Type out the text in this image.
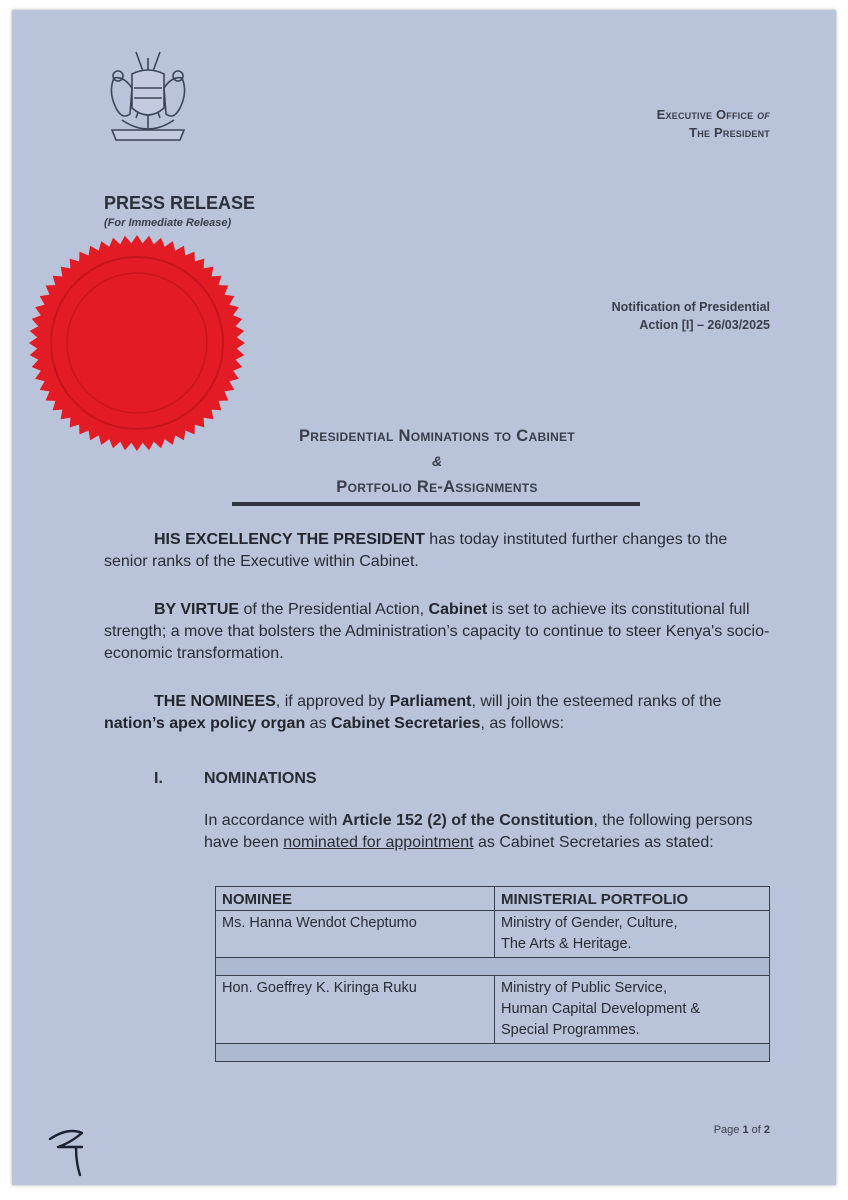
Executive Office of
The President
PRESS RELEASE
(For Immediate Release)
Notification of Presidential
Action [I] – 26/03/2025
Presidential Nominations to Cabinet
&
Portfolio Re-Assignments
HIS EXCELLENCY THE PRESIDENT has today instituted further changes to the senior ranks of the Executive within Cabinet.
BY VIRTUE of the Presidential Action, Cabinet is set to achieve its constitutional full strength; a move that bolsters the Administration’s capacity to continue to steer Kenya's socio-economic transformation.
THE NOMINEES, if approved by Parliament, will join the esteemed ranks of the nation’s apex policy organ as Cabinet Secretaries, as follows:
I.	NOMINATIONS
In accordance with Article 152 (2) of the Constitution, the following persons have been nominated for appointment as Cabinet Secretaries as stated:
NOMINEE	MINISTERIAL PORTFOLIO
Ms. Hanna Wendot Cheptumo	Ministry of Gender, Culture,
The Arts & Heritage.

Hon. Goeffrey K. Kiringa Ruku	Ministry of Public Service,
Human Capital Development &
Special Programmes.

Page 1 of 2
